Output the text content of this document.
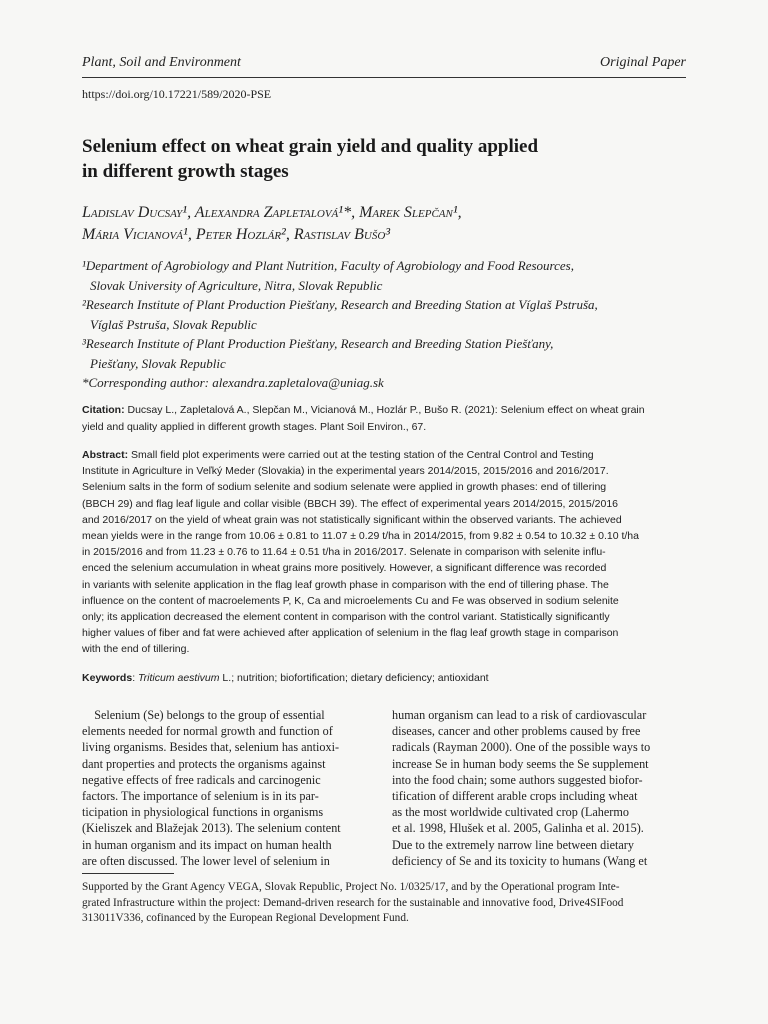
Plant, Soil and Environment	Original Paper
https://doi.org/10.17221/589/2020-PSE
Selenium effect on wheat grain yield and quality applied
in different growth stages
Ladislav Ducsay¹, Alexandra Zapletalová¹*, Marek Slepčan¹,
Mária Vicianová¹, Peter Hozlár², Rastislav Bušo³
¹Department of Agrobiology and Plant Nutrition, Faculty of Agrobiology and Food Resources,
Slovak University of Agriculture, Nitra, Slovak Republic
²Research Institute of Plant Production Piešťany, Research and Breeding Station at Víglaš Pstruša,
Víglaš Pstruša, Slovak Republic
³Research Institute of Plant Production Piešťany, Research and Breeding Station Piešťany,
Piešťany, Slovak Republic
*Corresponding author: alexandra.zapletalova@uniag.sk
Citation: Ducsay L., Zapletalová A., Slepčan M., Vicianová M., Hozlár P., Bušo R. (2021): Selenium effect on wheat grain
yield and quality applied in different growth stages. Plant Soil Environ., 67.
Abstract: Small field plot experiments were carried out at the testing station of the Central Control and Testing
Institute in Agriculture in Veľký Meder (Slovakia) in the experimental years 2014/2015, 2015/2016 and 2016/2017.
Selenium salts in the form of sodium selenite and sodium selenate were applied in growth phases: end of tillering
(BBCH 29) and flag leaf ligule and collar visible (BBCH 39). The effect of experimental years 2014/2015, 2015/2016
and 2016/2017 on the yield of wheat grain was not statistically significant within the observed variants. The achieved
mean yields were in the range from 10.06 ± 0.81 to 11.07 ± 0.29 t/ha in 2014/2015, from 9.82 ± 0.54 to 10.32 ± 0.10 t/ha
in 2015/2016 and from 11.23 ± 0.76 to 11.64 ± 0.51 t/ha in 2016/2017. Selenate in comparison with selenite influ-
enced the selenium accumulation in wheat grains more positively. However, a significant difference was recorded
in variants with selenite application in the flag leaf growth phase in comparison with the end of tillering phase. The
influence on the content of macroelements P, K, Ca and microelements Cu and Fe was observed in sodium selenite
only; its application decreased the element content in comparison with the control variant. Statistically significantly
higher values of fiber and fat were achieved after application of selenium in the flag leaf growth stage in comparison
with the end of tillering.
Keywords: Triticum aestivum L.; nutrition; biofortification; dietary deficiency; antioxidant
Selenium (Se) belongs to the group of essential
elements needed for normal growth and function of
living organisms. Besides that, selenium has antioxi-
dant properties and protects the organisms against
negative effects of free radicals and carcinogenic
factors. The importance of selenium is in its par-
ticipation in physiological functions in organisms
(Kieliszek and Blažejak 2013). The selenium content
in human organism and its impact on human health
are often discussed. The lower level of selenium in
human organism can lead to a risk of cardiovascular
diseases, cancer and other problems caused by free
radicals (Rayman 2000). One of the possible ways to
increase Se in human body seems the Se supplement
into the food chain; some authors suggested biofor-
tification of different arable crops including wheat
as the most worldwide cultivated crop (Lahermo
et al. 1998, Hlušek et al. 2005, Galinha et al. 2015).
Due to the extremely narrow line between dietary
deficiency of Se and its toxicity to humans (Wang et
Supported by the Grant Agency VEGA, Slovak Republic, Project No. 1/0325/17, and by the Operational program Inte-
grated Infrastructure within the project: Demand-driven research for the sustainable and innovative food, Drive4SIFood
313011V336, cofinanced by the European Regional Development Fund.
